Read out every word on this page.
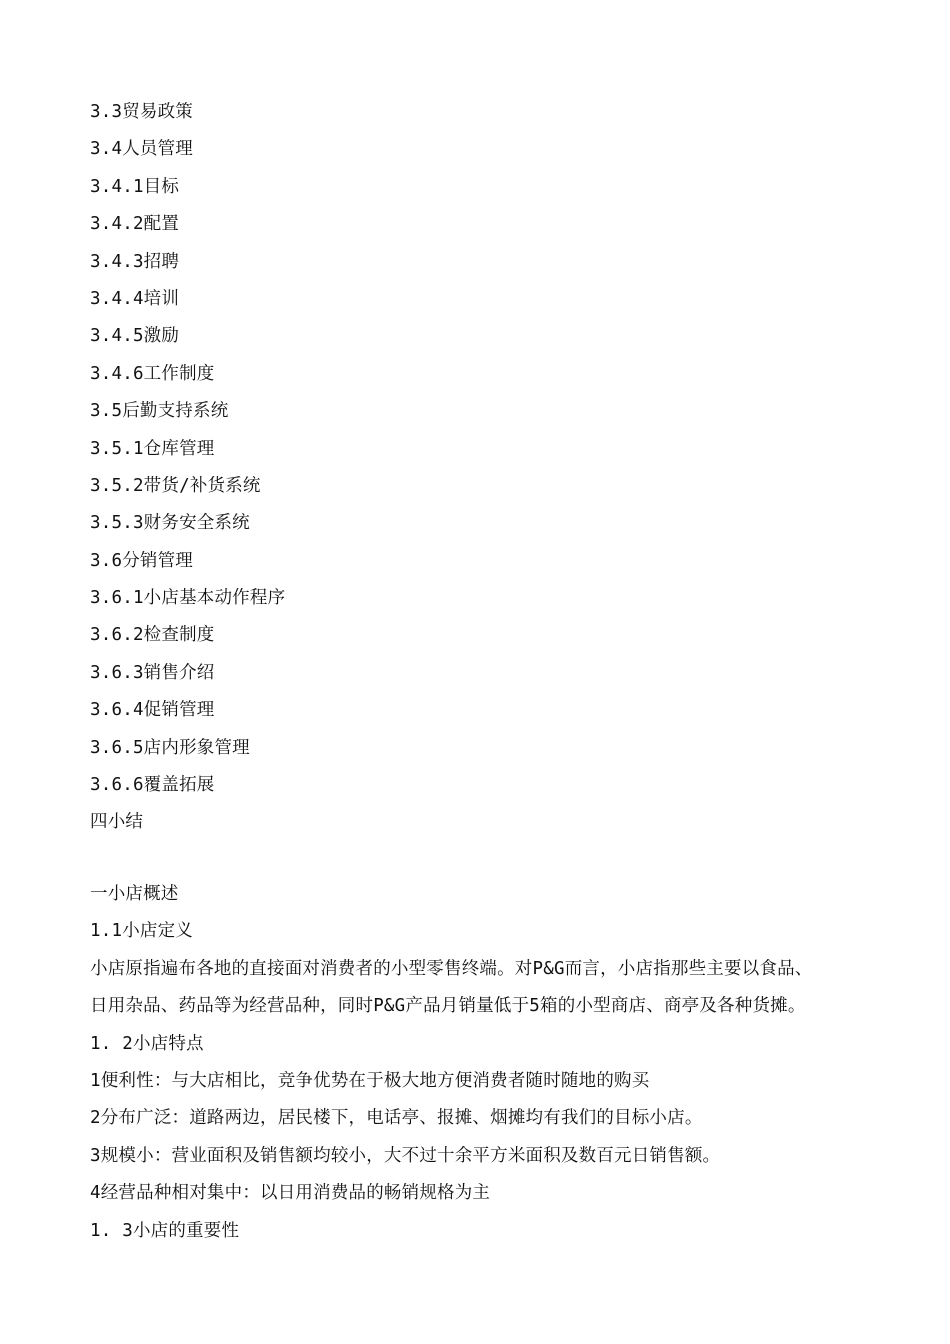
3.3贸易政策
3.4人员管理
3.4.1目标
3.4.2配置
3.4.3招聘
3.4.4培训
3.4.5激励
3.4.6工作制度
3.5后勤支持系统
3.5.1仓库管理
3.5.2带货/补货系统
3.5.3财务安全系统
3.6分销管理
3.6.1小店基本动作程序
3.6.2检查制度
3.6.3销售介绍
3.6.4促销管理
3.6.5店内形象管理
3.6.6覆盖拓展
四小结
一小店概述
1.1小店定义
小店原指遍布各地的直接面对消费者的小型零售终端。对P&G而言，小店指那些主要以食品、
日用杂品、药品等为经营品种，同时P&G产品月销量低于5箱的小型商店、商亭及各种货摊。
1. 2小店特点
1便利性：与大店相比，竞争优势在于极大地方便消费者随时随地的购买
2分布广泛：道路两边，居民楼下，电话亭、报摊、烟摊均有我们的目标小店。
3规模小：营业面积及销售额均较小，大不过十余平方米面积及数百元日销售额。
4经营品种相对集中：以日用消费品的畅销规格为主
1. 3小店的重要性
